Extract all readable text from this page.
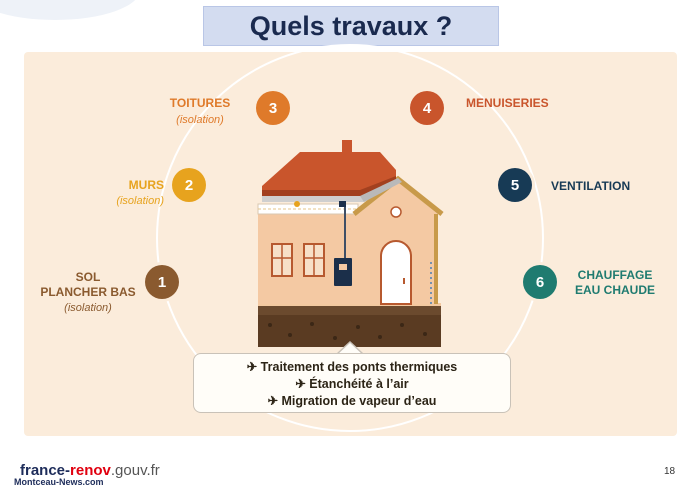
Quels travaux ?
1
2
3	4
5
6
SOL
PLANCHER BAS
(isolation)
MURS
(isolation)
TOITURES
(isolation)
MENUISERIES
VENTILATION
CHAUFFAGE
EAU CHAUDE
✈ Traitement des ponts thermiques
✈ Étanchéité à l’air
✈ Migration de vapeur d’eau
france-renov.gouv.fr
Montceau-News.com
18
